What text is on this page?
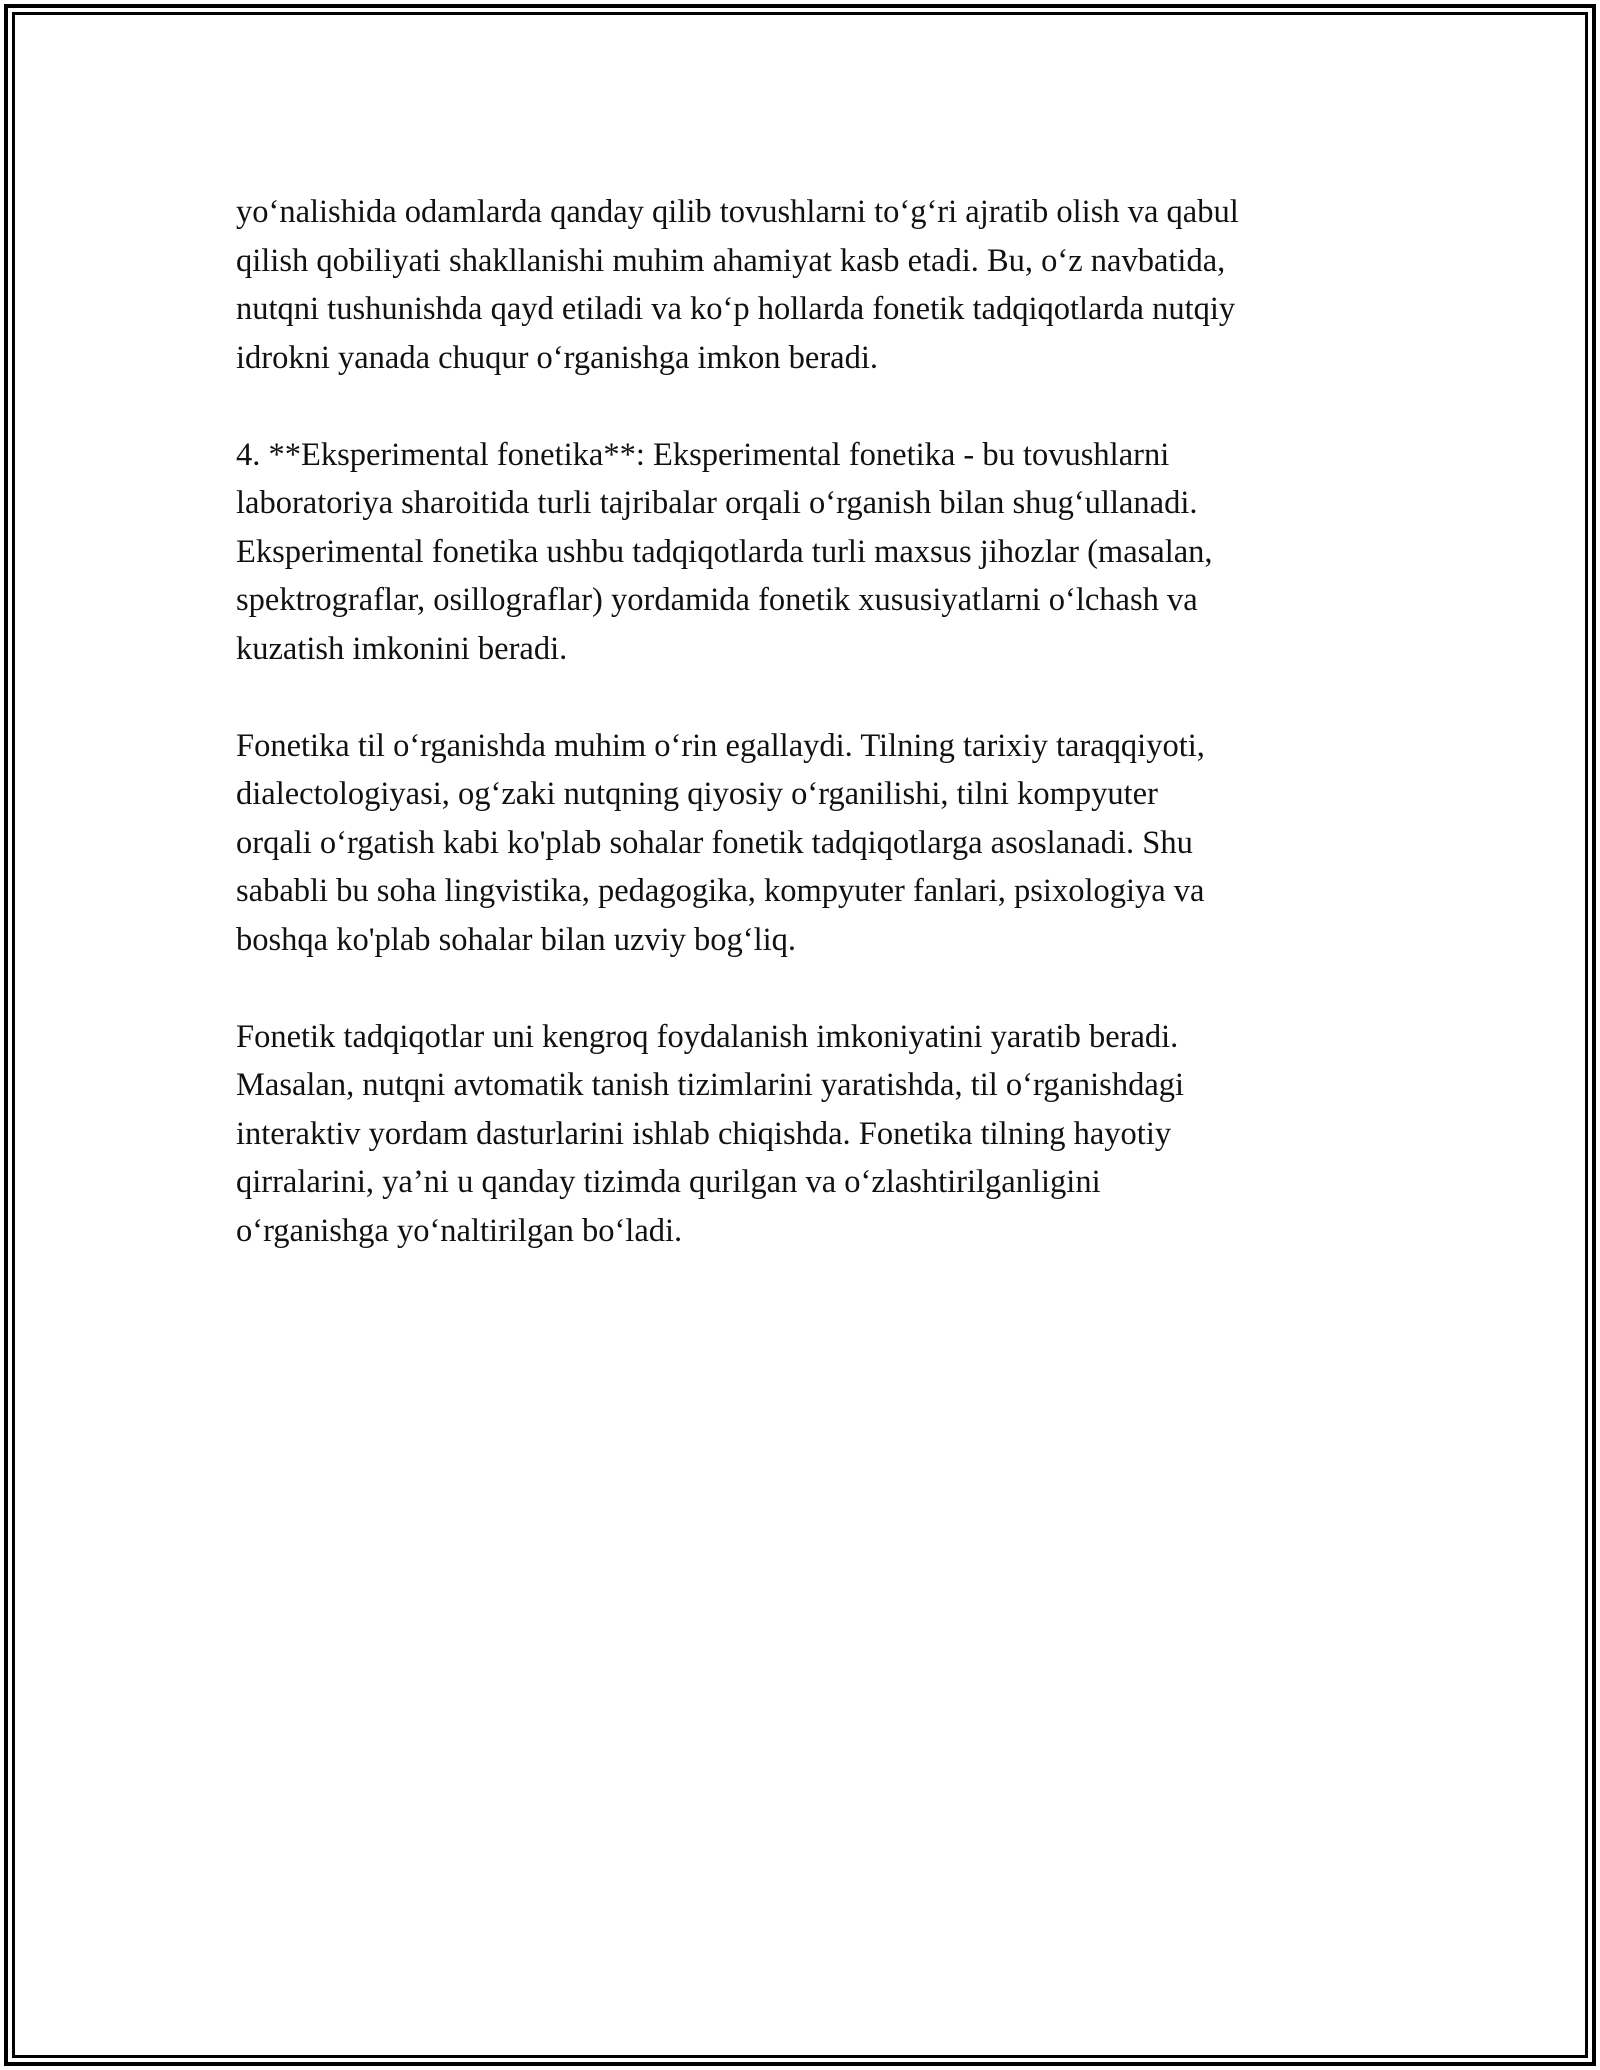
yo‘nalishida odamlarda qanday qilib tovushlarni to‘g‘ri ajratib olish va qabul
qilish qobiliyati shakllanishi muhim ahamiyat kasb etadi. Bu, o‘z navbatida,
nutqni tushunishda qayd etiladi va ko‘p hollarda fonetik tadqiqotlarda nutqiy
idrokni yanada chuqur o‘rganishga imkon beradi.

4. **Eksperimental fonetika**: Eksperimental fonetika - bu tovushlarni
laboratoriya sharoitida turli tajribalar orqali o‘rganish bilan shug‘ullanadi.
Eksperimental fonetika ushbu tadqiqotlarda turli maxsus jihozlar (masalan,
spektrograflar, osillograflar) yordamida fonetik xususiyatlarni o‘lchash va
kuzatish imkonini beradi.

Fonetika til o‘rganishda muhim o‘rin egallaydi. Tilning tarixiy taraqqiyoti,
dialectologiyasi, og‘zaki nutqning qiyosiy o‘rganilishi, tilni kompyuter
orqali o‘rgatish kabi ko'plab sohalar fonetik tadqiqotlarga asoslanadi. Shu
sababli bu soha lingvistika, pedagogika, kompyuter fanlari, psixologiya va
boshqa ko'plab sohalar bilan uzviy bog‘liq.

Fonetik tadqiqotlar uni kengroq foydalanish imkoniyatini yaratib beradi.
Masalan, nutqni avtomatik tanish tizimlarini yaratishda, til o‘rganishdagi
interaktiv yordam dasturlarini ishlab chiqishda. Fonetika tilning hayotiy
qirralarini, ya’ni u qanday tizimda qurilgan va o‘zlashtirilganligini
o‘rganishga yo‘naltirilgan bo‘ladi.
